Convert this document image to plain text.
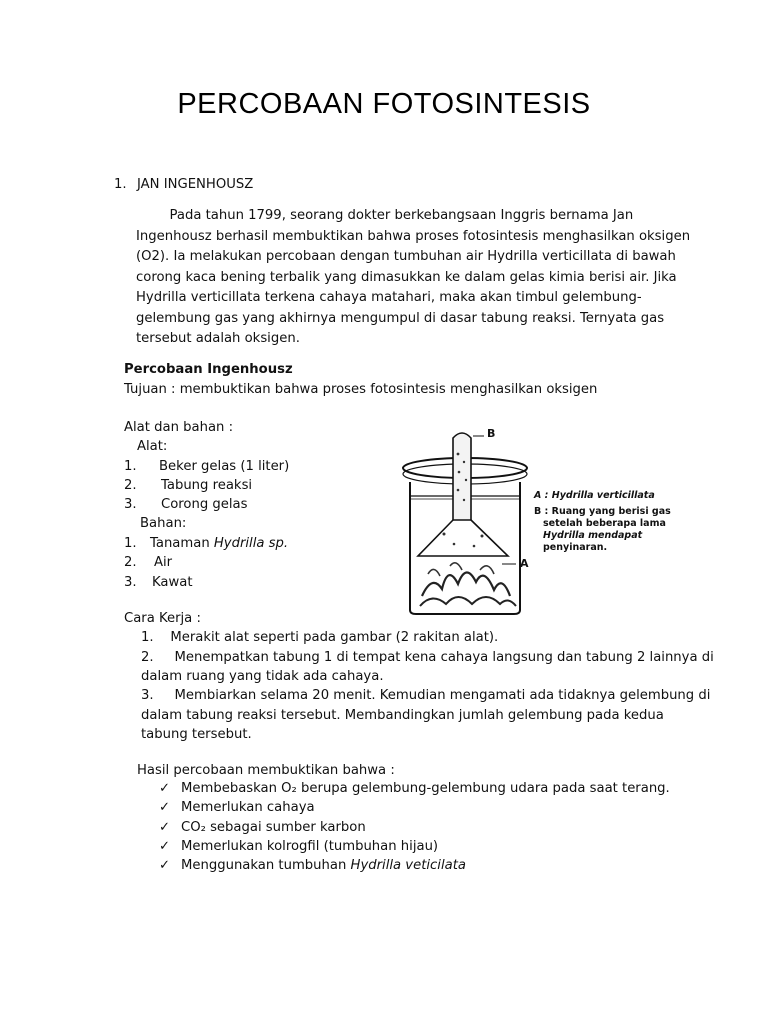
PERCOBAAN FOTOSINTESIS
1. JAN INGENHOUSZ
Pada tahun 1799, seorang dokter berkebangsaan Inggris bernama Jan
Ingenhousz berhasil membuktikan bahwa proses fotosintesis menghasilkan oksigen
(O2). Ia melakukan percobaan dengan tumbuhan air Hydrilla verticillata di bawah
corong kaca bening terbalik yang dimasukkan ke dalam gelas kimia berisi air. Jika
Hydrilla verticillata terkena cahaya matahari, maka akan timbul gelembung-
gelembung gas yang akhirnya mengumpul di dasar tabung reaksi. Ternyata gas
tersebut adalah oksigen.
Percobaan Ingenhousz
Tujuan : membuktikan bahwa proses fotosintesis menghasilkan oksigen
Alat dan bahan :
Alat:
1. Beker gelas (1 liter)
2. Tabung reaksi
3. Corong gelas
Bahan:
1. Tanaman Hydrilla sp.
2. Air
3. Kawat
B
A
A : Hydrilla verticillata
B : Ruang yang berisi gas
setelah beberapa lama
Hydrilla mendapat
penyinaran.
Cara Kerja :
1.    Merakit alat seperti pada gambar (2 rakitan alat).
2.     Menempatkan tabung 1 di tempat kena cahaya langsung dan tabung 2 lainnya di
dalam ruang yang tidak ada cahaya.
3.     Membiarkan selama 20 menit. Kemudian mengamati ada tidaknya gelembung di
dalam tabung reaksi tersebut. Membandingkan jumlah gelembung pada kedua
tabung tersebut.
Hasil percobaan membuktikan bahwa :
✓ Membebaskan O₂ berupa gelembung-gelembung udara pada saat terang.
✓ Memerlukan cahaya
✓ CO₂ sebagai sumber karbon
✓ Memerlukan kolrogfil (tumbuhan hijau)
✓ Menggunakan tumbuhan Hydrilla veticilata
